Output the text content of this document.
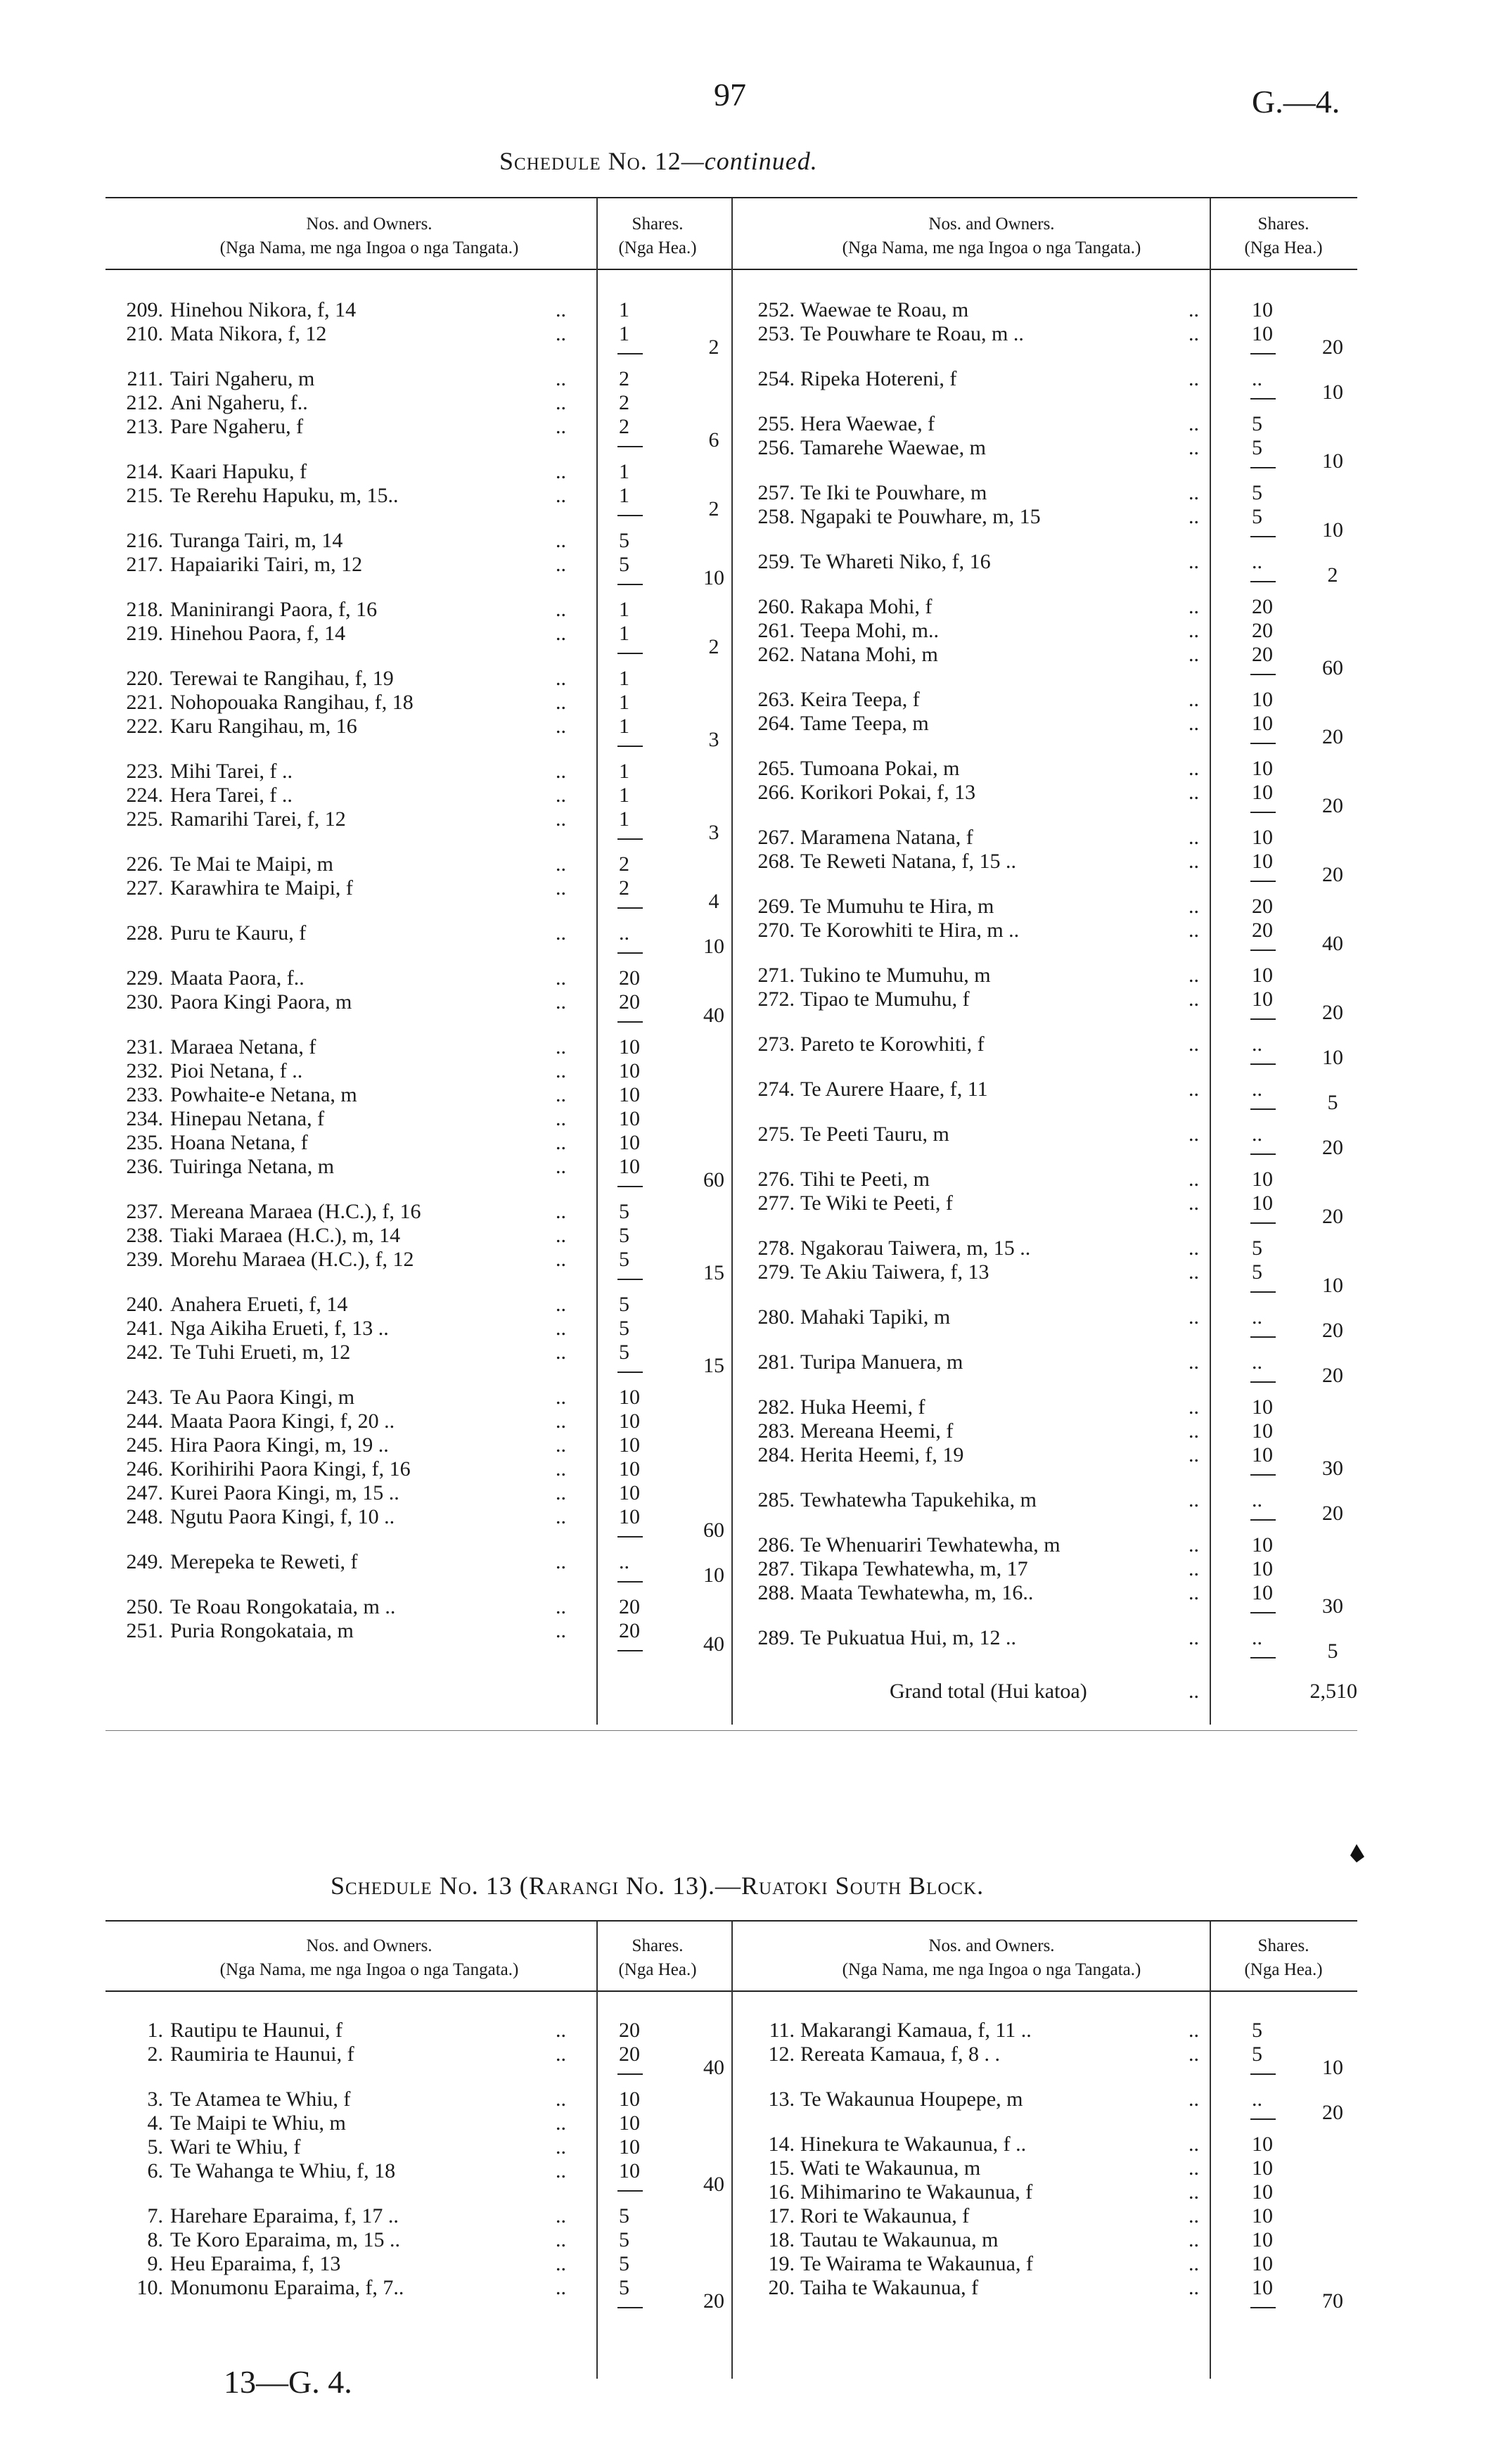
97	G.—4.
Schedule No. 12—continued.
Nos. and Owners.
(Nga Nama, me nga Ingoa o nga Tangata.)
Shares.
(Nga Hea.)
Nos. and Owners.
(Nga Nama, me nga Ingoa o nga Tangata.)
Shares.
(Nga Hea.)
209. Hinehou Nikora, f, 14	..	1
210. Mata Nikora, f, 12	..	1
2
211. Tairi Ngaheru, m	..	2
212. Ani Ngaheru, f..	..	2
213. Pare Ngaheru, f	..	2
6
214. Kaari Hapuku, f	..	1
215. Te Rerehu Hapuku, m, 15..	..	1
2
216. Turanga Tairi, m, 14	..	5
217. Hapaiariki Tairi, m, 12	..	5
10
218. Maninirangi Paora, f, 16	..	1
219. Hinehou Paora, f, 14	..	1
2
220. Terewai te Rangihau, f, 19	..	1
221. Nohopouaka Rangihau, f, 18	..	1
222. Karu Rangihau, m, 16	..	1
3
223. Mihi Tarei, f ..	..	1
224. Hera Tarei, f ..	..	1
225. Ramarihi Tarei, f, 12	..	1
3
226. Te Mai te Maipi, m	..	2
227. Karawhira te Maipi, f	..	2
4
228. Puru te Kauru, f	..	..
10
229. Maata Paora, f..	..	20
230. Paora Kingi Paora, m	..	20
40
231. Maraea Netana, f	..	10
232. Pioi Netana, f ..	..	10
233. Powhaite-e Netana, m	..	10
234. Hinepau Netana, f	..	10
235. Hoana Netana, f	..	10
236. Tuiringa Netana, m	..	10
60
237. Mereana Maraea (H.C.), f, 16	..	5
238. Tiaki Maraea (H.C.), m, 14	..	5
239. Morehu Maraea (H.C.), f, 12	..	5
15
240. Anahera Erueti, f, 14	..	5
241. Nga Aikiha Erueti, f, 13 ..	..	5
242. Te Tuhi Erueti, m, 12	..	5
15
243. Te Au Paora Kingi, m	..	10
244. Maata Paora Kingi, f, 20 ..	..	10
245. Hira Paora Kingi, m, 19 ..	..	10
246. Korihirihi Paora Kingi, f, 16	..	10
247. Kurei Paora Kingi, m, 15 ..	..	10
248. Ngutu Paora Kingi, f, 10 ..	..	10
60
249. Merepeka te Reweti, f	..	..
10
250. Te Roau Rongokataia, m ..	..	20
251. Puria Rongokataia, m	..	20
40
252. Waewae te Roau, m	..	10
253. Te Pouwhare te Roau, m ..	..	10
20
254. Ripeka Hotereni, f	..	..
10
255. Hera Waewae, f	..	5
256. Tamarehe Waewae, m	..	5
10
257. Te Iki te Pouwhare, m	..	5
258. Ngapaki te Pouwhare, m, 15	..	5
10
259. Te Whareti Niko, f, 16	..	..
2
260. Rakapa Mohi, f	..	20
261. Teepa Mohi, m..	..	20
262. Natana Mohi, m	..	20
60
263. Keira Teepa, f	..	10
264. Tame Teepa, m	..	10
20
265. Tumoana Pokai, m	..	10
266. Korikori Pokai, f, 13	..	10
20
267. Maramena Natana, f	..	10
268. Te Reweti Natana, f, 15 ..	..	10
20
269. Te Mumuhu te Hira, m	..	20
270. Te Korowhiti te Hira, m ..	..	20
40
271. Tukino te Mumuhu, m	..	10
272. Tipao te Mumuhu, f	..	10
20
273. Pareto te Korowhiti, f	..	..
10
274. Te Aurere Haare, f, 11	..	..
5
275. Te Peeti Tauru, m	..	..
20
276. Tihi te Peeti, m	..	10
277. Te Wiki te Peeti, f	..	10
20
278. Ngakorau Taiwera, m, 15 ..	..	5
279. Te Akiu Taiwera, f, 13	..	5
10
280. Mahaki Tapiki, m	..	..
20
281. Turipa Manuera, m	..	..
20
282. Huka Heemi, f	..	10
283. Mereana Heemi, f	..	10
284. Herita Heemi, f, 19	..	10
30
285. Tewhatewha Tapukehika, m	..	..
20
286. Te Whenuariri Tewhatewha, m	..	10
287. Tikapa Tewhatewha, m, 17	..	10
288. Maata Tewhatewha, m, 16..	..	10
30
289. Te Pukuatua Hui, m, 12 ..	..	..
5
Grand total (Hui katoa)	..	2,510
Schedule No. 13 (Rarangi No. 13).—Ruatoki South Block.
Nos. and Owners.
(Nga Nama, me nga Ingoa o nga Tangata.)
Shares.
(Nga Hea.)
Nos. and Owners.
(Nga Nama, me nga Ingoa o nga Tangata.)
Shares.
(Nga Hea.)
1. Rautipu te Haunui, f	..	20
2. Raumiria te Haunui, f	..	20
40
3. Te Atamea te Whiu, f	..	10
4. Te Maipi te Whiu, m	..	10
5. Wari te Whiu, f	..	10
6. Te Wahanga te Whiu, f, 18	..	10
40
7. Harehare Eparaima, f, 17 ..	..	5
8. Te Koro Eparaima, m, 15 ..	..	5
9. Heu Eparaima, f, 13	..	5
10. Monumonu Eparaima, f, 7..	..	5
20
11. Makarangi Kamaua, f, 11 ..	..	5
12. Rereata Kamaua, f, 8 . .	..	5
10
13. Te Wakaunua Houpepe, m	..	..
20
14. Hinekura te Wakaunua, f ..	..	10
15. Wati te Wakaunua, m	..	10
16. Mihimarino te Wakaunua, f	..	10
17. Rori te Wakaunua, f	..	10
18. Tautau te Wakaunua, m	..	10
19. Te Wairama te Wakaunua, f	..	10
20. Taiha te Wakaunua, f	..	10
70
13—G. 4.
